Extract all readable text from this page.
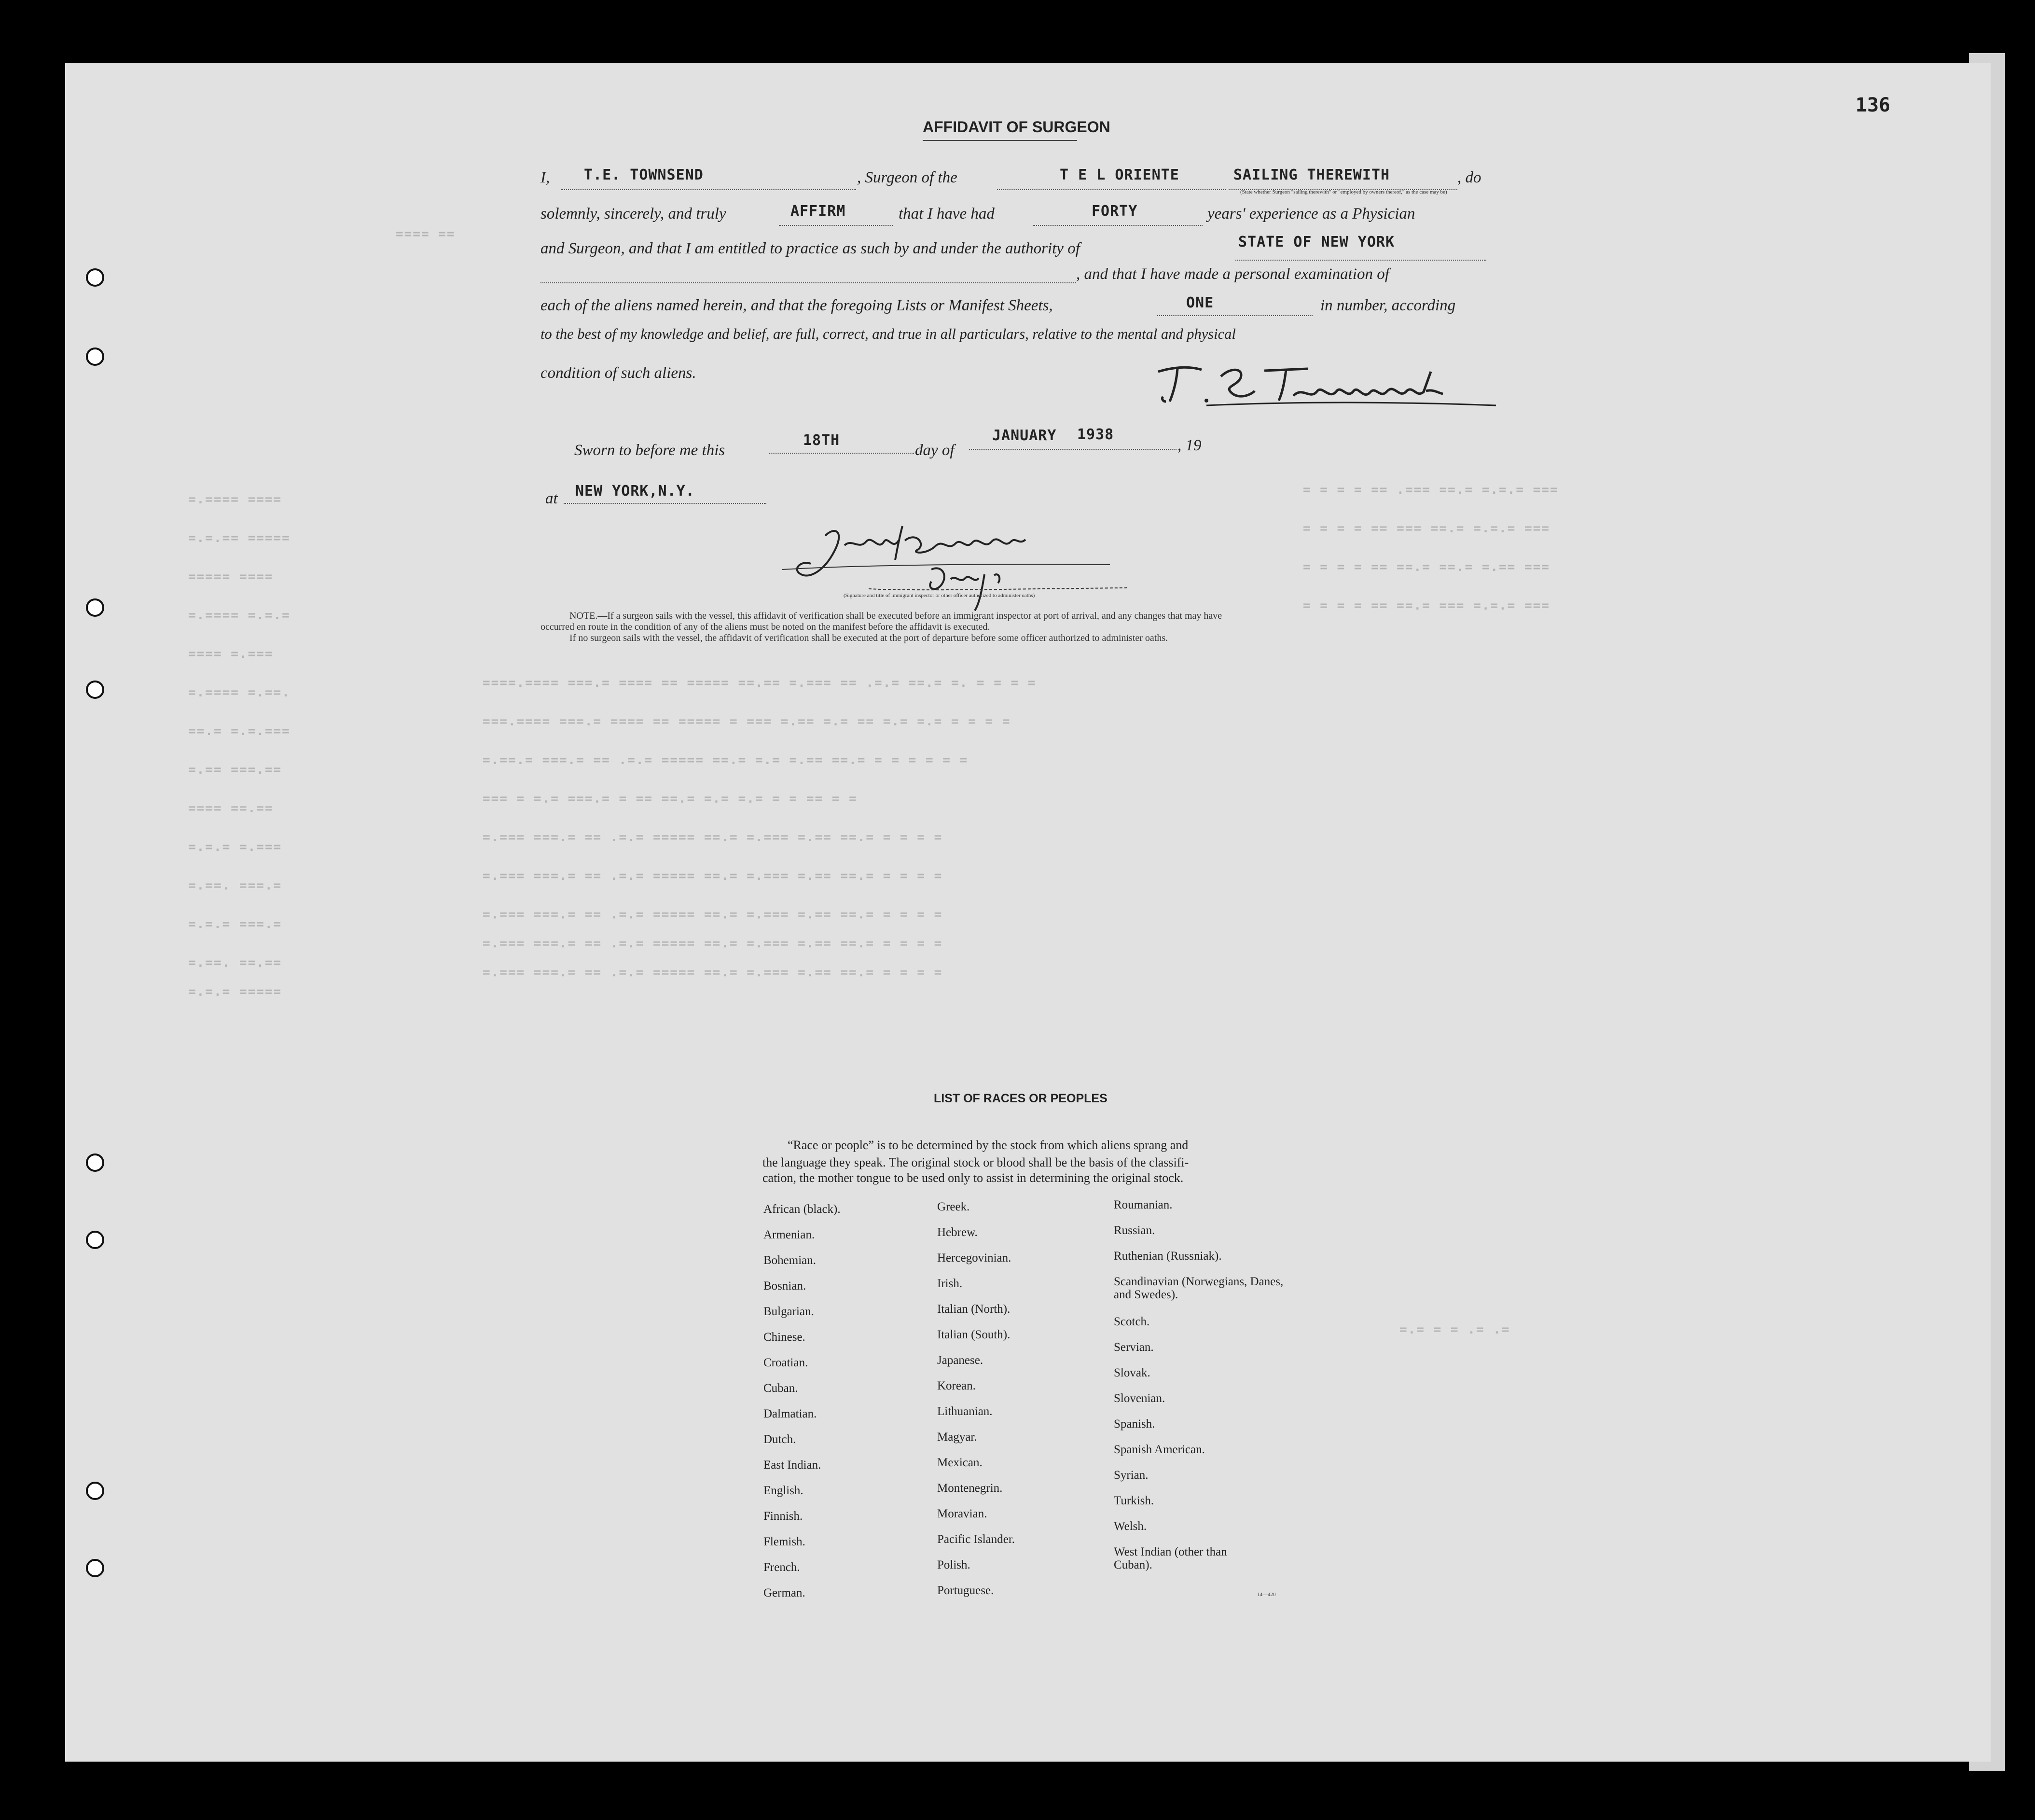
=.==== ====
=.=.== =====
===== ====
=.==== =.=.=
==== =.===
=.==== =.==.
==.= =.=.===
=.== ===.==
==== ==.==
=.=.= =.===
=.==. ===.=
=.=.= ===.=
=.==. ==.==
=.=.= =====
====.==== ===.= ==== == ===== ==.== =.=== == .=.= ==.= =. = = = =
===.==== ===.= ==== == ===== = === =.== =.= == =.= =.= = = = =
=.==.= ===.= == .=.= ===== ==.= =.= =.== ==.= = = = = = =
=== = =.= ===.= = == ==.= =.= =.= = = == = =
=.=== ===.= == .=.= ===== ==.= =.=== =.== ==.= = = = =
=.=== ===.= == .=.= ===== ==.= =.=== =.== ==.= = = = =
=.=== ===.= == .=.= ===== ==.= =.=== =.== ==.= = = = =
=.=== ===.= == .=.= ===== ==.= =.=== =.== ==.= = = = =
=.=== ===.= == .=.= ===== ==.= =.=== =.== ==.= = = = =
= = = = == .=== ==.= =.=.= ===
= = = = == === ==.= =.=.= ===
= = = = == ==.= ==.= =.== ===
= = = = == ==.= === =.=.= ===
=.= = = .= .=
==== ==
136
AFFIDAVIT OF SURGEON
I, T.E. TOWNSEND	, Surgeon of the	T E L ORIENTE	SAILING THEREWITH
(State whether Surgeon "sailing therewith" or "employed by owners thereof," as the case may be)
, do
solemnly, sincerely, and truly	AFFIRM	that I have had	FORTY	years' experience as a Physician
and Surgeon, and that I am entitled to practice as such by and under the authority of	STATE OF NEW YORK
, and that I have made a personal examination of
each of the aliens named herein, and that the foregoing Lists or Manifest Sheets,	ONE	in number, according
to the best of my knowledge and belief, are full, correct, and true in all particulars, relative to the mental and physical
condition of such aliens.
Sworn to before me this
18TH
day of
JANUARY 1938
, 19
at NEW YORK,N.Y.
(Signature and title of immigrant inspector or other officer authorized to administer oaths)
NOTE.—If a surgeon sails with the vessel, this affidavit of verification shall be executed before an immigrant inspector at port of arrival, and any changes that may have
occurred en route in the condition of any of the aliens must be noted on the manifest before the affidavit is executed.
If no surgeon sails with the vessel, the affidavit of verification shall be executed at the port of departure before some officer authorized to administer oaths.
LIST OF RACES OR PEOPLES
“Race or people” is to be determined by the stock from which aliens sprang and
the language they speak. The original stock or blood shall be the basis of the classifi-
cation, the mother tongue to be used only to assist in determining the original stock.
African (black).
Armenian.
Bohemian.
Bosnian.
Bulgarian.
Chinese.
Croatian.
Cuban.
Dalmatian.
Dutch.
East Indian.
English.
Finnish.
Flemish.
French.
German.
Greek.
Hebrew.
Hercegovinian.
Irish.
Italian (North).
Italian (South).
Japanese.
Korean.
Lithuanian.
Magyar.
Mexican.
Montenegrin.
Moravian.
Pacific Islander.
Polish.
Portuguese.
Roumanian.
Russian.
Ruthenian (Russniak).
Scandinavian (Norwegians, Danes, and Swedes).
Scotch.
Servian.
Slovak.
Slovenian.
Spanish.
Spanish American.
Syrian.
Turkish.
Welsh.
West Indian (other than Cuban).
14—420
